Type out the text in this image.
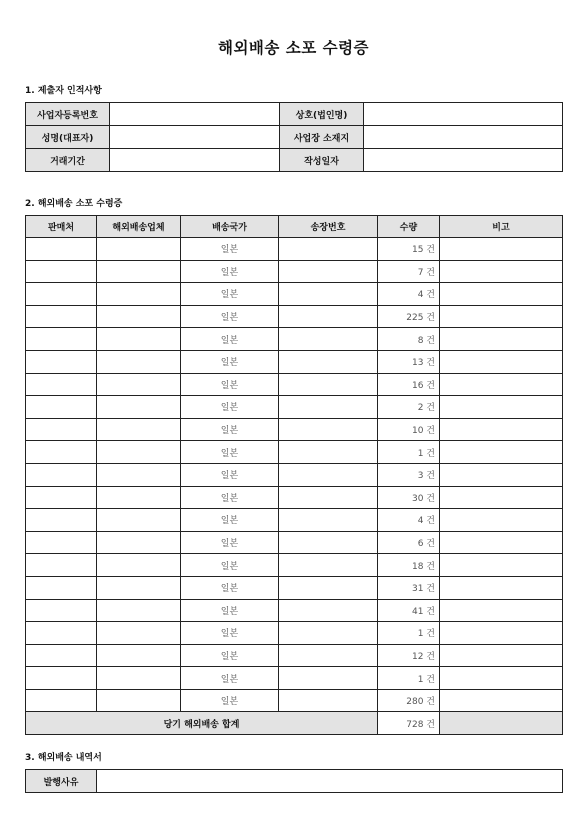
해외배송 소포 수령증
1. 제출자 인적사항
사업자등록번호		상호(법인명)	
성명(대표자)		사업장 소재지	
거래기간		작성일자	
2. 해외배송 소포 수령증
판매처	해외배송업체	배송국가	송장번호	수량	비고
		일본		15 건	
		일본		7 건	
		일본		4 건	
		일본		225 건	
		일본		8 건	
		일본		13 건	
		일본		16 건	
		일본		2 건	
		일본		10 건	
		일본		1 건	
		일본		3 건	
		일본		30 건	
		일본		4 건	
		일본		6 건	
		일본		18 건	
		일본		31 건	
		일본		41 건	
		일본		1 건	
		일본		12 건	
		일본		1 건	
		일본		280 건	
당기 해외배송 합계				728 건	
3. 해외배송 내역서
발행사유	
